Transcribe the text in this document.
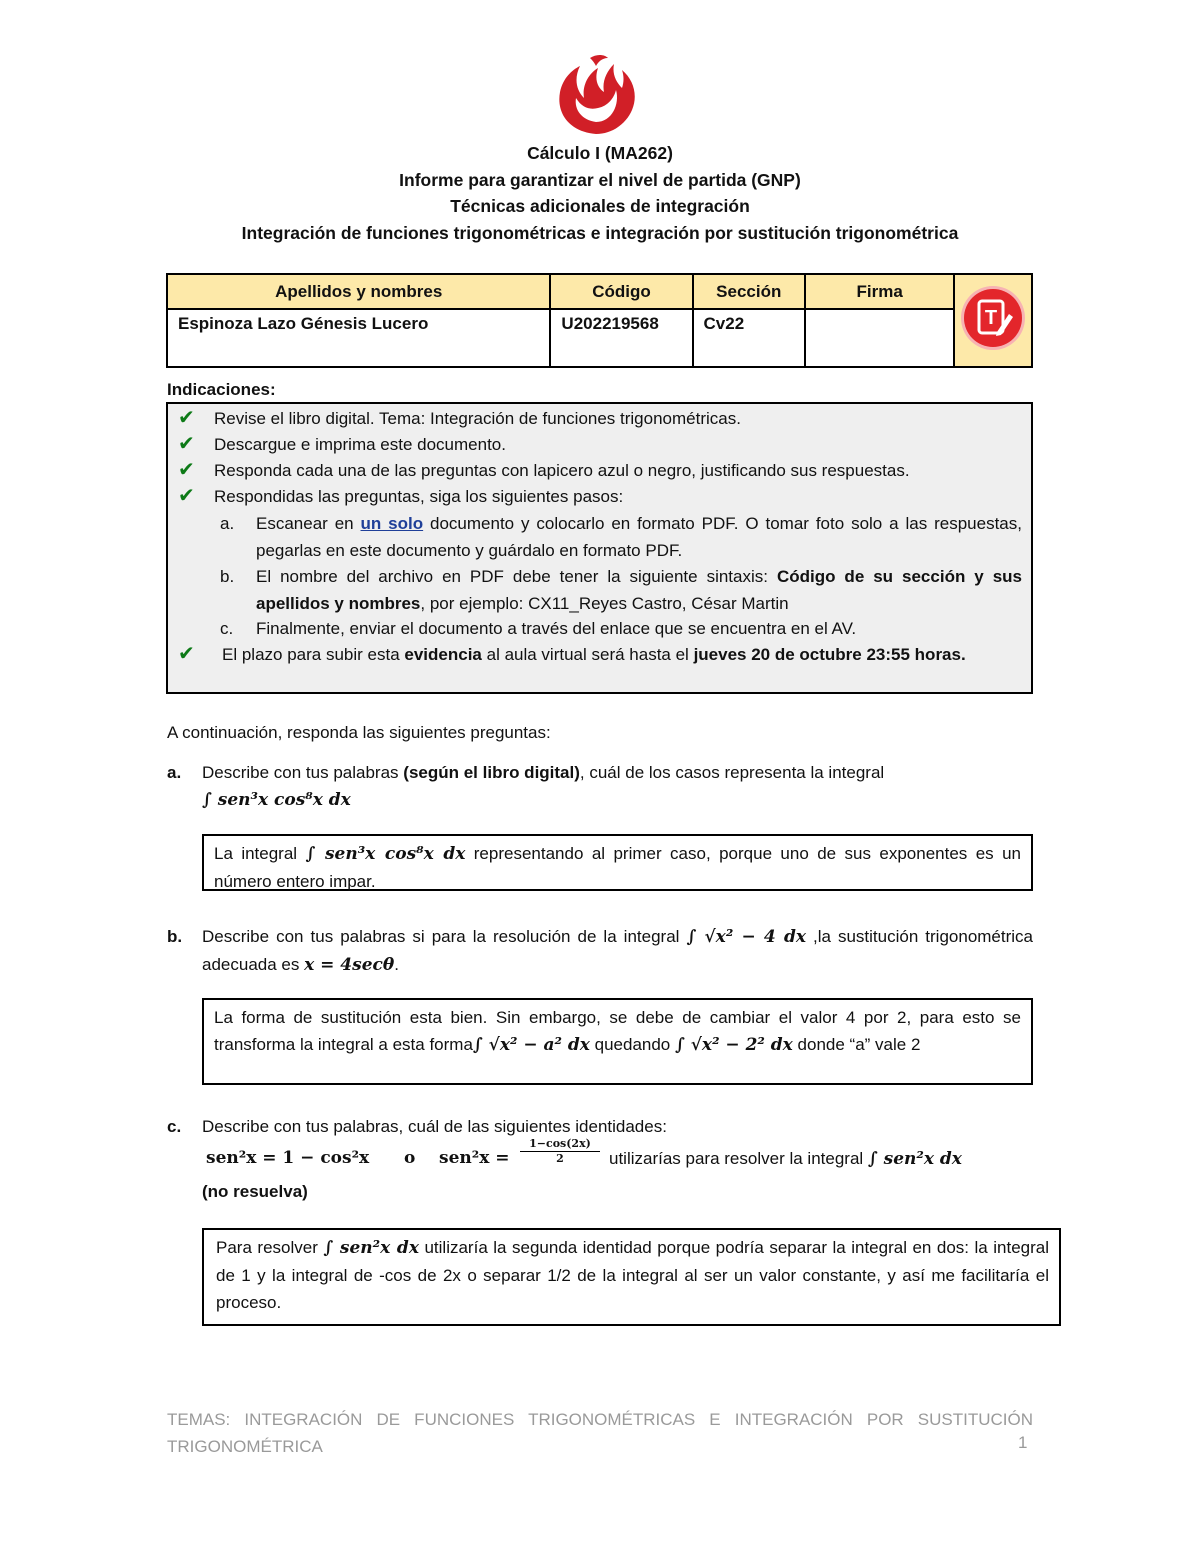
Cálculo I (MA262)
Informe para garantizar el nivel de partida (GNP)
Técnicas adicionales de integración
Integración de funciones trigonométricas e integración por sustitución trigonométrica
Apellidos y nombres	Código	Sección	Firma	T

Espinoza Lazo Génesis Lucero	U202219568	Cv22		
Indicaciones:
✔ Revise el libro digital. Tema: Integración de funciones trigonométricas.
✔ Descargue e imprima este documento.
✔ Responda cada una de las preguntas con lapicero azul o negro, justificando sus respuestas.
✔ Respondidas las preguntas, siga los siguientes pasos:
a. Escanear en un solo documento y colocarlo en formato PDF. O tomar foto solo a las respuestas, pegarlas en este documento y guárdalo en formato PDF.
b. El nombre del archivo en PDF debe tener la siguiente sintaxis: Código de su sección y sus apellidos y nombres, por ejemplo: CX11_Reyes Castro, César Martin
c. Finalmente, enviar el documento a través del enlace que se encuentra en el AV.
✔ El plazo para subir esta evidencia al aula virtual será hasta el jueves 20 de octubre 23:55 horas.
A continuación, responda las siguientes preguntas:
a. Describe con tus palabras (según el libro digital), cuál de los casos representa la integral
∫ sen³x cos⁸x dx
La integral ∫ sen³x cos⁸x dx representando al primer caso, porque uno de sus exponentes es un número entero impar.
b. Describe con tus palabras si para la resolución de la integral ∫ √x² − 4 dx ,la sustitución trigonométrica adecuada es x = 4secθ.
La forma de sustitución esta bien. Sin embargo, se debe de cambiar el valor 4 por 2, para esto se transforma la integral a esta forma∫ √x² − a² dx quedando ∫ √x² − 2² dx donde “a” vale 2
c. Describe con tus palabras, cuál de las siguientes identidades:
sen²x = 1 − cos²x o $sen^2x = \frac{1-\cos(2x)}{2}$ utilizarías para resolver la integral ∫ sen²x dx
(no resuelva)
Para resolver ∫ sen²x dx utilizaría la segunda identidad porque podría separar la integral en dos: la integral de 1 y la integral de -cos de 2x o separar 1/2 de la integral al ser un valor constante, y así me facilitaría el proceso.
TEMAS: INTEGRACIÓN DE FUNCIONES TRIGONOMÉTRICAS E INTEGRACIÓN POR SUSTITUCIÓN TRIGONOMÉTRICA	1
